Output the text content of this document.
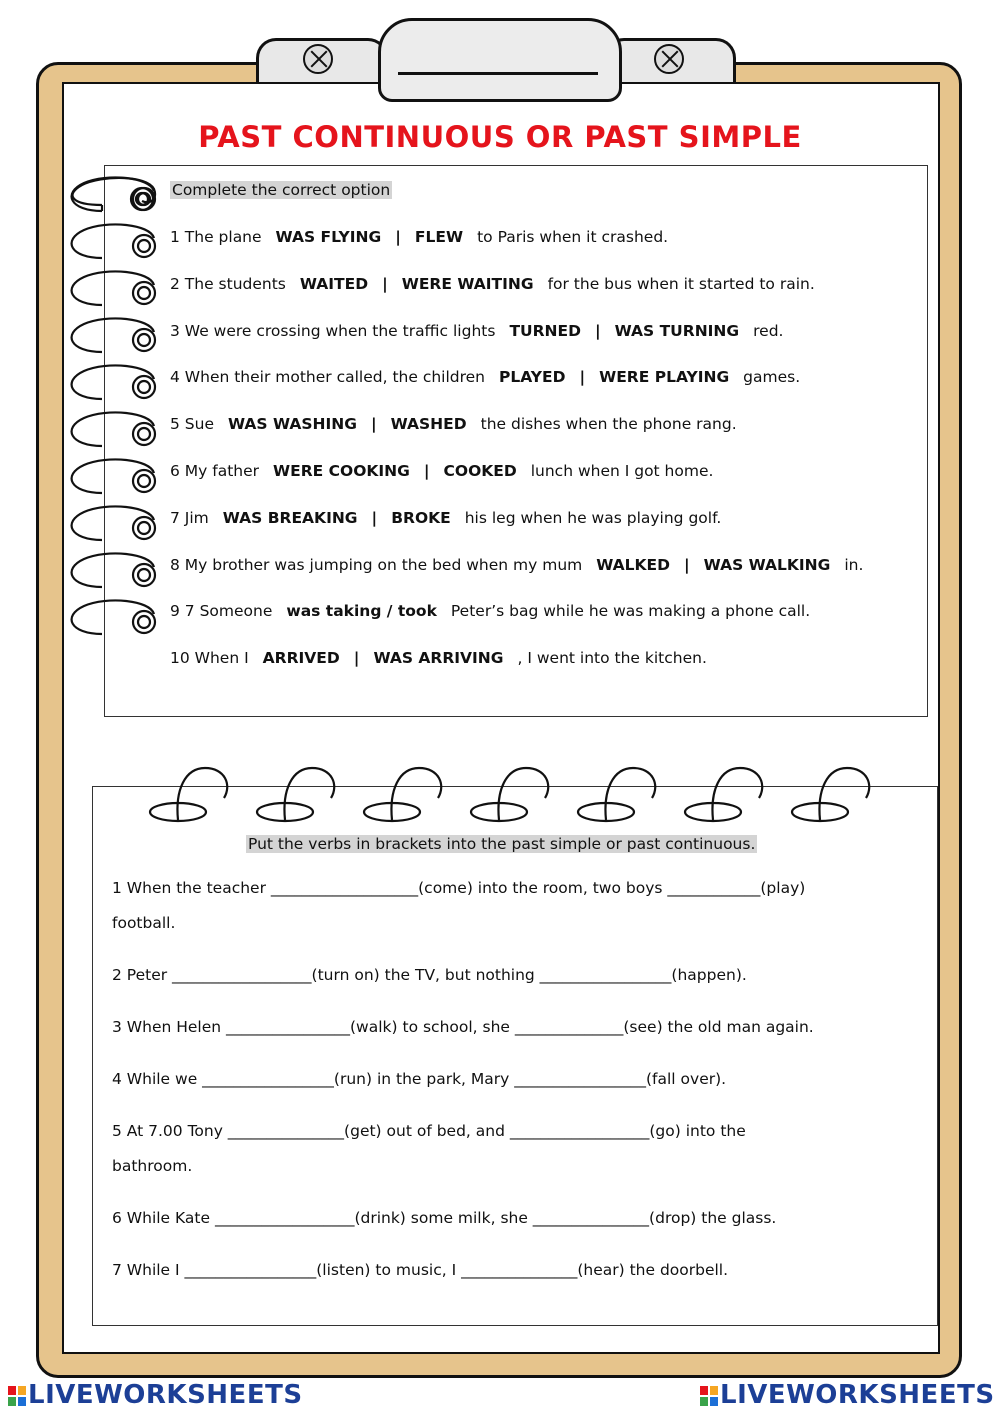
PAST CONTINUOUS OR PAST SIMPLE
Complete the correct option
1 The plane WAS FLYING | FLEW to Paris when it crashed.
2 The students WAITED | WERE WAITING for the bus when it started to rain.
3 We were crossing when the traffic lights TURNED | WAS TURNING red.
4 When their mother called, the children PLAYED | WERE PLAYING games.
5 Sue WAS WASHING | WASHED the dishes when the phone rang.
6 My father WERE COOKING | COOKED lunch when I got home.
7 Jim WAS BREAKING | BROKE his leg when he was playing golf.
8 My brother was jumping on the bed when my mum WALKED | WAS WALKING in.
9 7 Someone was taking / took Peter’s bag while he was making a phone call.
10 When I ARRIVED | WAS ARRIVING , I went into the kitchen.
Put the verbs in brackets into the past simple or past continuous.
1 When the teacher ___________________(come) into the room, two boys ____________(play)
football.
2 Peter __________________(turn on) the TV, but nothing _________________(happen).
3 When Helen ________________(walk) to school, she ______________(see) the old man again.
4 While we _________________(run) in the park, Mary _________________(fall over).
5 At 7.00 Tony _______________(get) out of bed, and __________________(go) into the
bathroom.
6 While Kate __________________(drink) some milk, she _______________(drop) the glass.
7 While I _________________(listen) to music, I _______________(hear) the doorbell.
LIVEWORKSHEETS	LIVEWORKSHEETS
